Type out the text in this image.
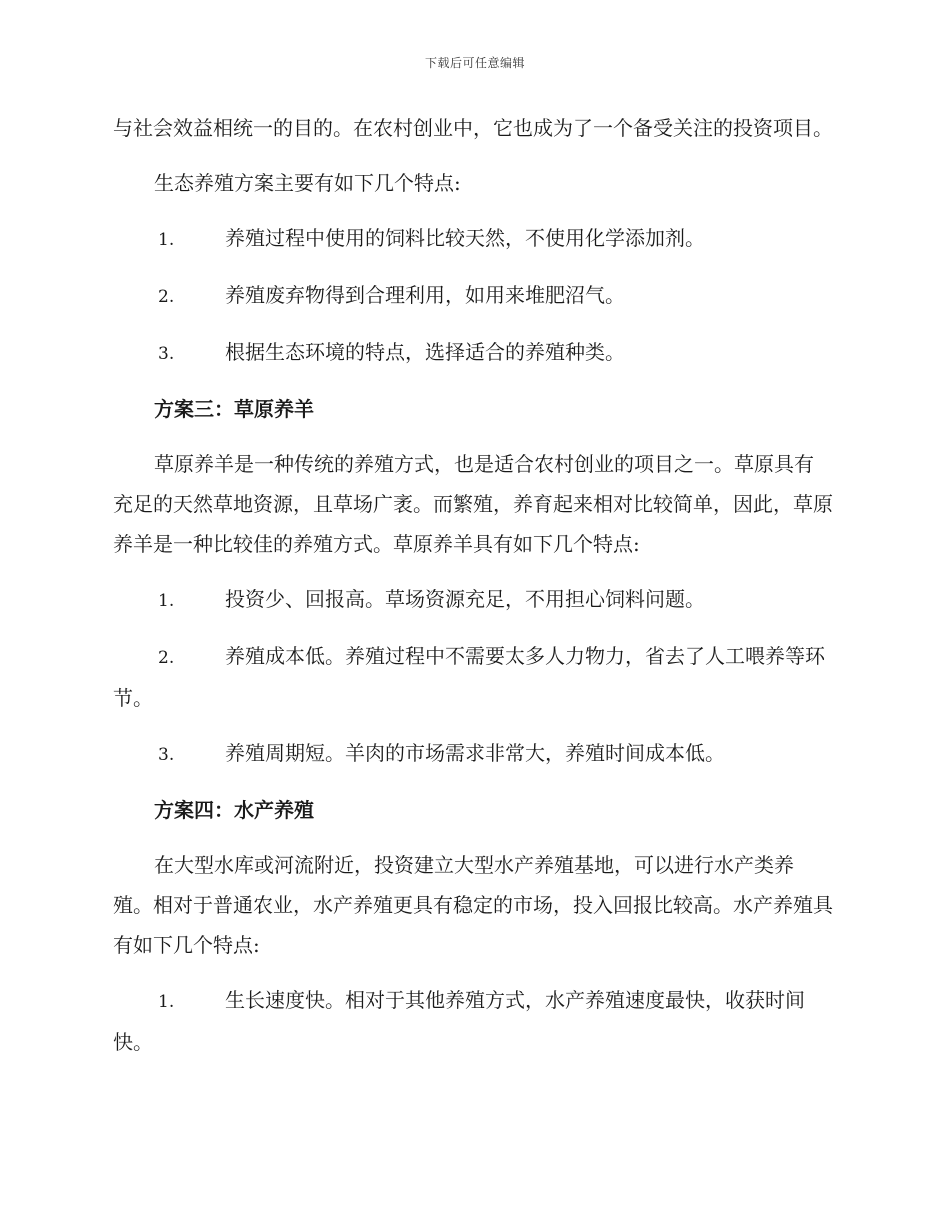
下载后可任意编辑

与社会效益相统一的目的。在农村创业中，它也成为了一个备受关注的投资项目。

生态养殖方案主要有如下几个特点:

1.	养殖过程中使用的饲料比较天然，不使用化学添加剂。

2.	养殖废弃物得到合理利用，如用来堆肥沼气。

3.	根据生态环境的特点，选择适合的养殖种类。

方案三：草原养羊

草原养羊是一种传统的养殖方式，也是适合农村创业的项目之一。草原具有充足的天然草地资源，且草场广袤。而繁殖，养育起来相对比较简单，因此，草原养羊是一种比较佳的养殖方式。草原养羊具有如下几个特点:

1.	投资少、回报高。草场资源充足，不用担心饲料问题。

2.	养殖成本低。养殖过程中不需要太多人力物力，省去了人工喂养等环节。

3.	养殖周期短。羊肉的市场需求非常大，养殖时间成本低。

方案四：水产养殖

在大型水库或河流附近，投资建立大型水产养殖基地，可以进行水产类养殖。相对于普通农业，水产养殖更具有稳定的市场，投入回报比较高。水产养殖具有如下几个特点:

1.	生长速度快。相对于其他养殖方式，水产养殖速度最快，收获时间快。
